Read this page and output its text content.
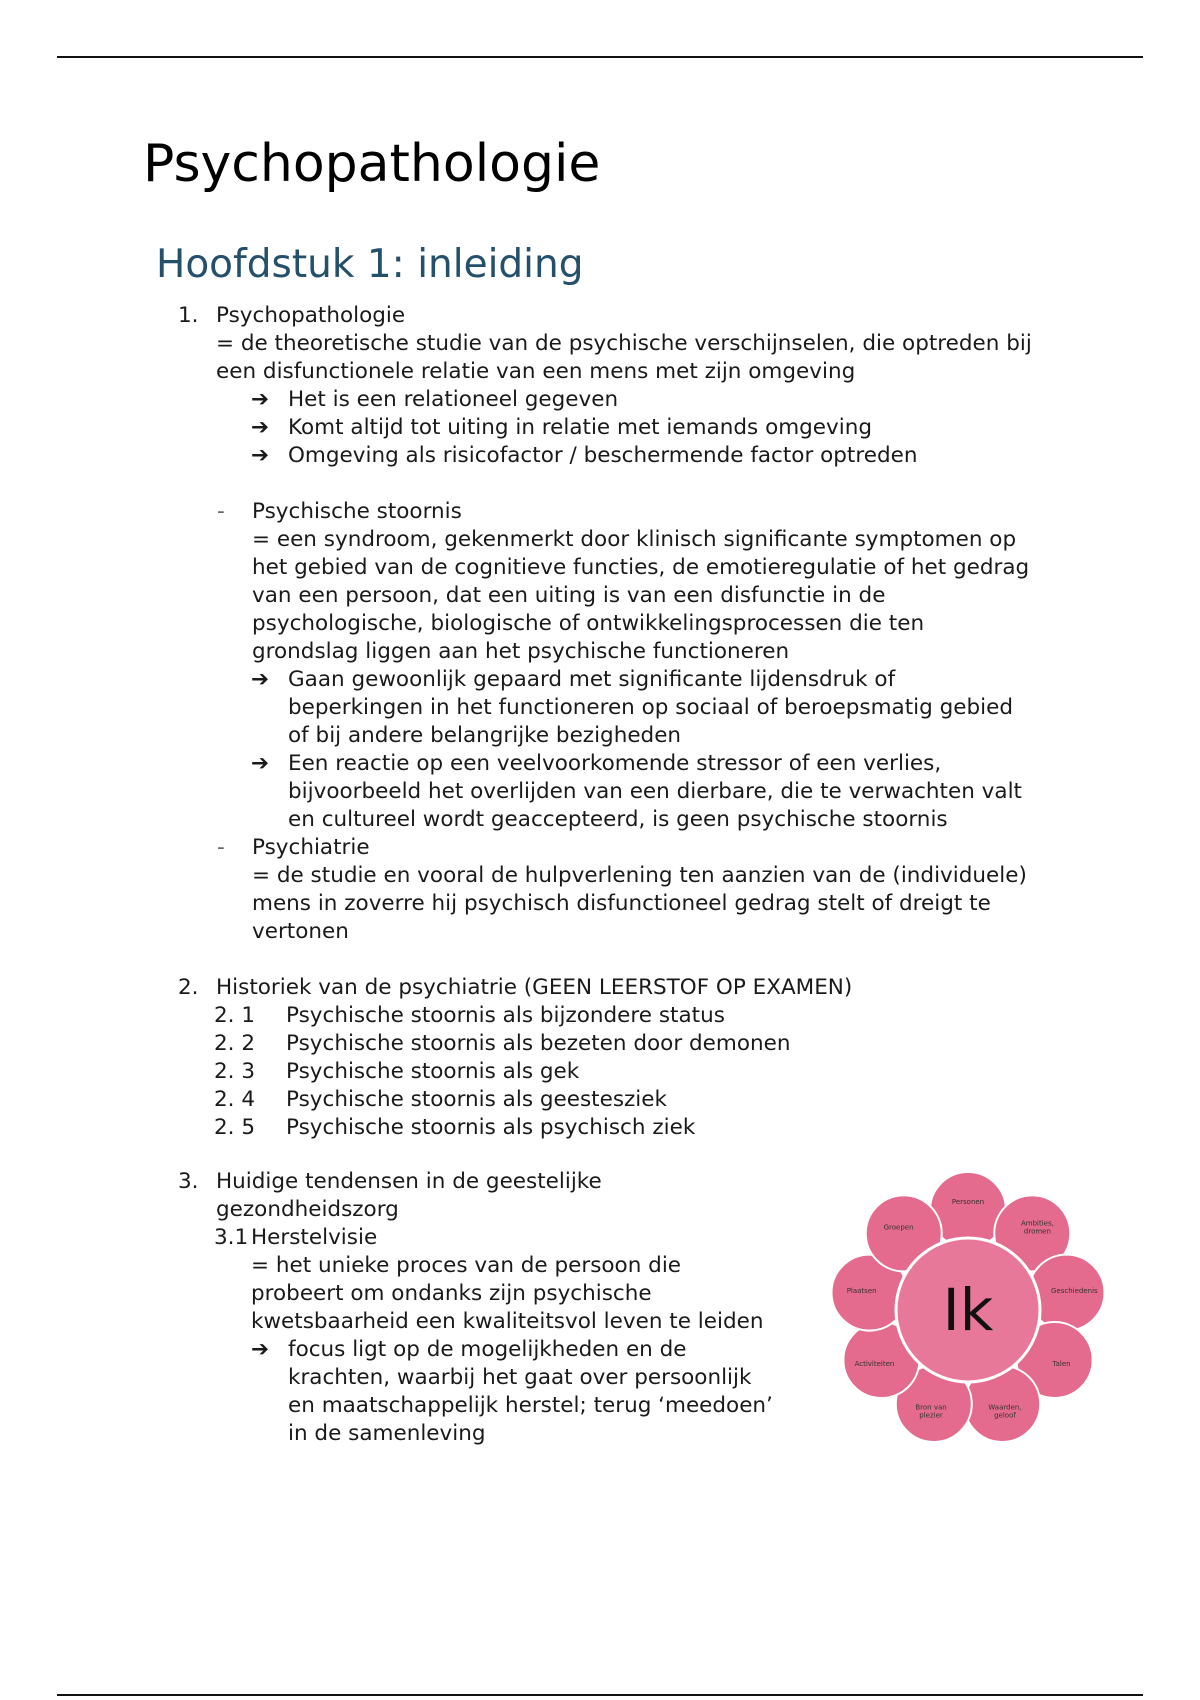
Psychopathologie
Hoofdstuk 1: inleiding
1. Psychopathologie
= de theoretische studie van de psychische verschijnselen, die optreden bij
een disfunctionele relatie van een mens met zijn omgeving
➔ Het is een relationeel gegeven
➔ Komt altijd tot uiting in relatie met iemands omgeving
➔ Omgeving als risicofactor / beschermende factor optreden
- Psychische stoornis
= een syndroom, gekenmerkt door klinisch significante symptomen op
het gebied van de cognitieve functies, de emotieregulatie of het gedrag
van een persoon, dat een uiting is van een disfunctie in de
psychologische, biologische of ontwikkelingsprocessen die ten
grondslag liggen aan het psychische functioneren
➔ Gaan gewoonlijk gepaard met significante lijdensdruk of
beperkingen in het functioneren op sociaal of beroepsmatig gebied
of bij andere belangrijke bezigheden
➔ Een reactie op een veelvoorkomende stressor of een verlies,
bijvoorbeeld het overlijden van een dierbare, die te verwachten valt
en cultureel wordt geaccepteerd, is geen psychische stoornis
- Psychiatrie
= de studie en vooral de hulpverlening ten aanzien van de (individuele)
mens in zoverre hij psychisch disfunctioneel gedrag stelt of dreigt te
vertonen
2. Historiek van de psychiatrie (GEEN LEERSTOF OP EXAMEN)
2. 1 Psychische stoornis als bijzondere status
2. 2 Psychische stoornis als bezeten door demonen
2. 3 Psychische stoornis als gek
2. 4 Psychische stoornis als geestesziek
2. 5 Psychische stoornis als psychisch ziek
3. Huidige tendensen in de geestelijke
gezondheidszorg
3.1 Herstelvisie
= het unieke proces van de persoon die
probeert om ondanks zijn psychische
kwetsbaarheid een kwaliteitsvol leven te leiden
➔ focus ligt op de mogelijkheden en de
krachten, waarbij het gaat over persoonlijk
en maatschappelijk herstel; terug ‘meedoen’
in de samenleving
Personen
Ambities, dromen
Geschiedenis
Talen
Waarden, geloof
Bron van plezier
Activiteiten
Plaatsen
Groepen
Ik
